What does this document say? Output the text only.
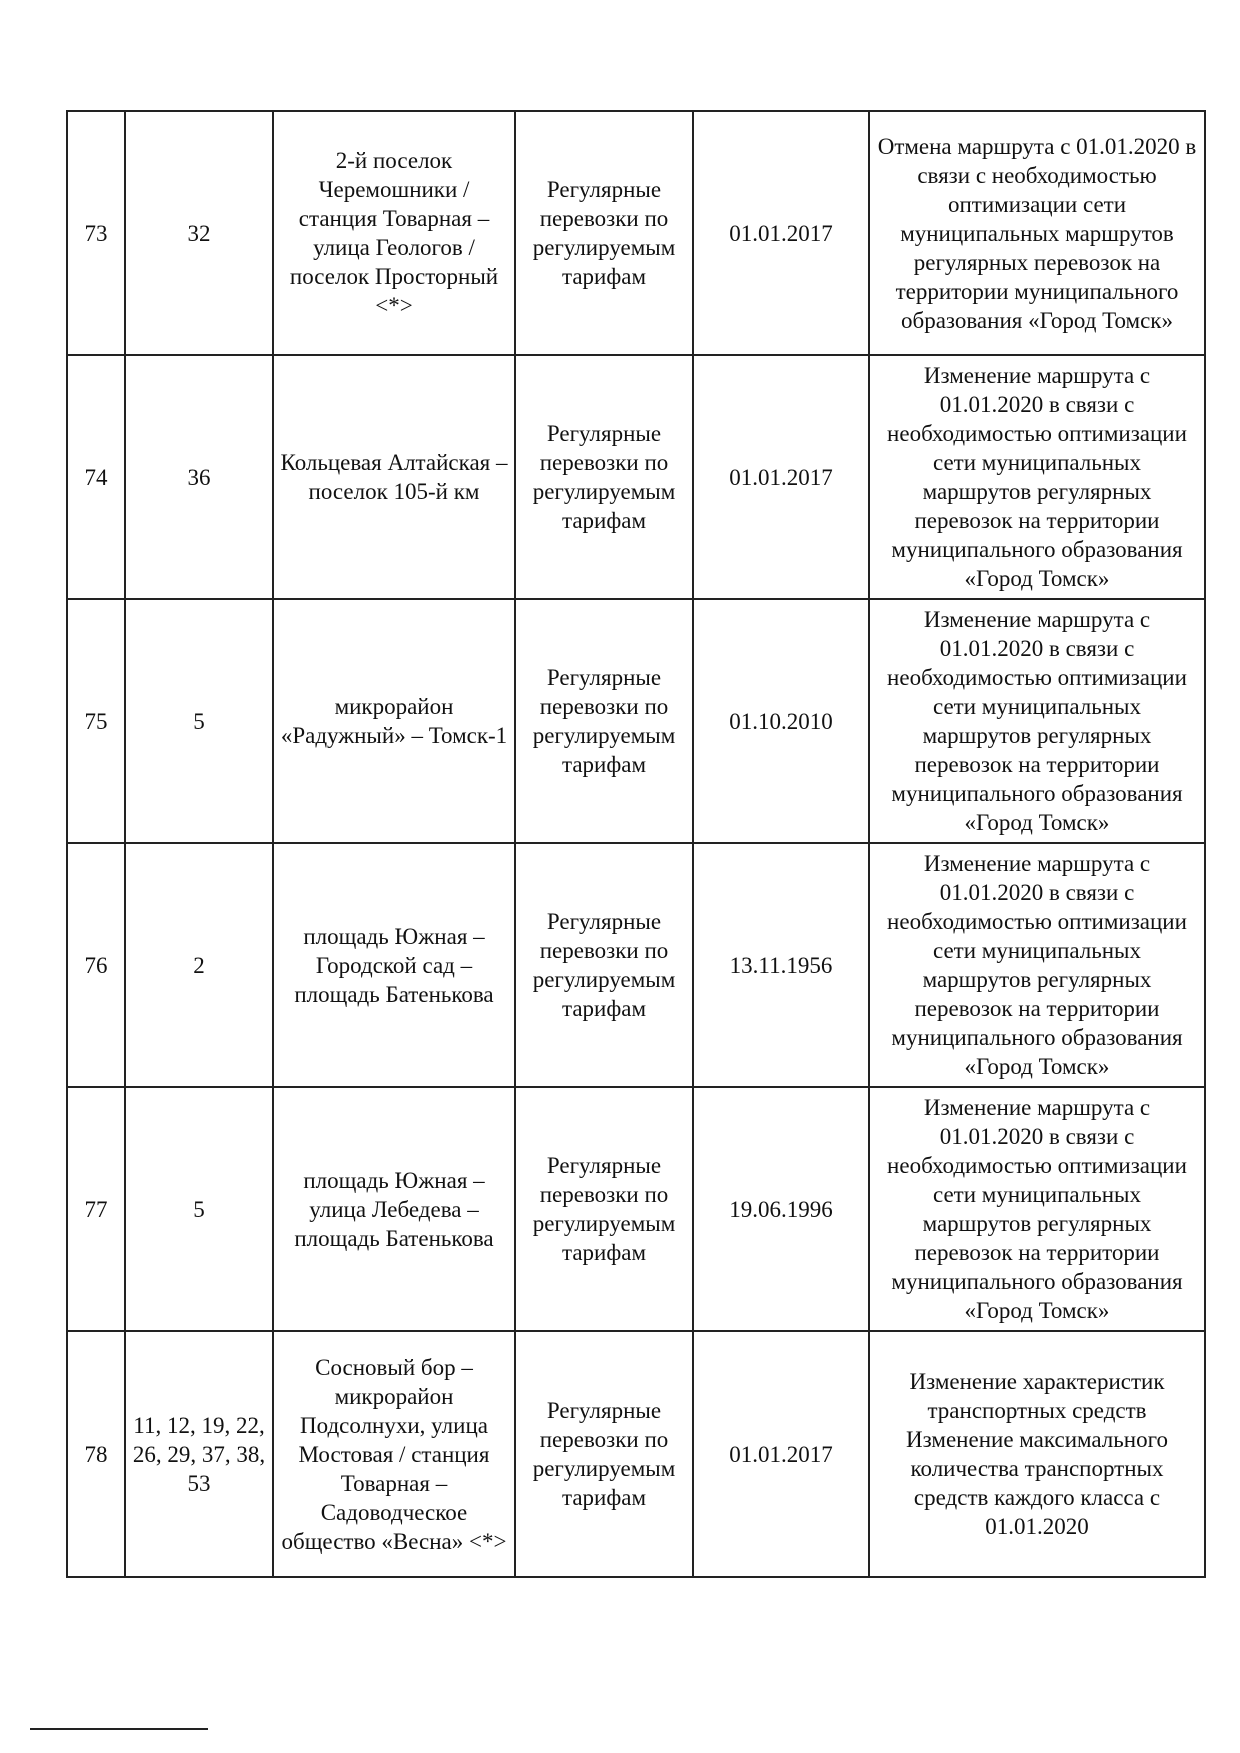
73	32	2-й поселок Черемошники / станция Товарная – улица Геологов / поселок Просторный <*>	Регулярные перевозки по регулируемым тарифам	01.01.2017	Отмена маршрута с 01.01.2020 в связи с необходимостью оптимизации сети муниципальных маршрутов регулярных перевозок на территории муниципального образования «Город Томск»
74	36	Кольцевая Алтайская – поселок 105-й км	Регулярные перевозки по регулируемым тарифам	01.01.2017	Изменение маршрута с 01.01.2020 в связи с необходимостью оптимизации сети муниципальных маршрутов регулярных перевозок на территории муниципального образования «Город Томск»
75	5	микрорайон «Радужный» – Томск-1	Регулярные перевозки по регулируемым тарифам	01.10.2010	Изменение маршрута с 01.01.2020 в связи с необходимостью оптимизации сети муниципальных маршрутов регулярных перевозок на территории муниципального образования «Город Томск»
76	2	площадь Южная – Городской сад – площадь Батенькова	Регулярные перевозки по регулируемым тарифам	13.11.1956	Изменение маршрута с 01.01.2020 в связи с необходимостью оптимизации сети муниципальных маршрутов регулярных перевозок на территории муниципального образования «Город Томск»
77	5	площадь Южная – улица Лебедева – площадь Батенькова	Регулярные перевозки по регулируемым тарифам	19.06.1996	Изменение маршрута с 01.01.2020 в связи с необходимостью оптимизации сети муниципальных маршрутов регулярных перевозок на территории муниципального образования «Город Томск»
78	11, 12, 19, 22, 26, 29, 37, 38, 53	Сосновый бор – микрорайон Подсолнухи, улица Мостовая / станция Товарная – Садоводческое общество «Весна» <*>	Регулярные перевозки по регулируемым тарифам	01.01.2017	Изменение характеристик транспортных средств Изменение максимального количества транспортных средств каждого класса с 01.01.2020
